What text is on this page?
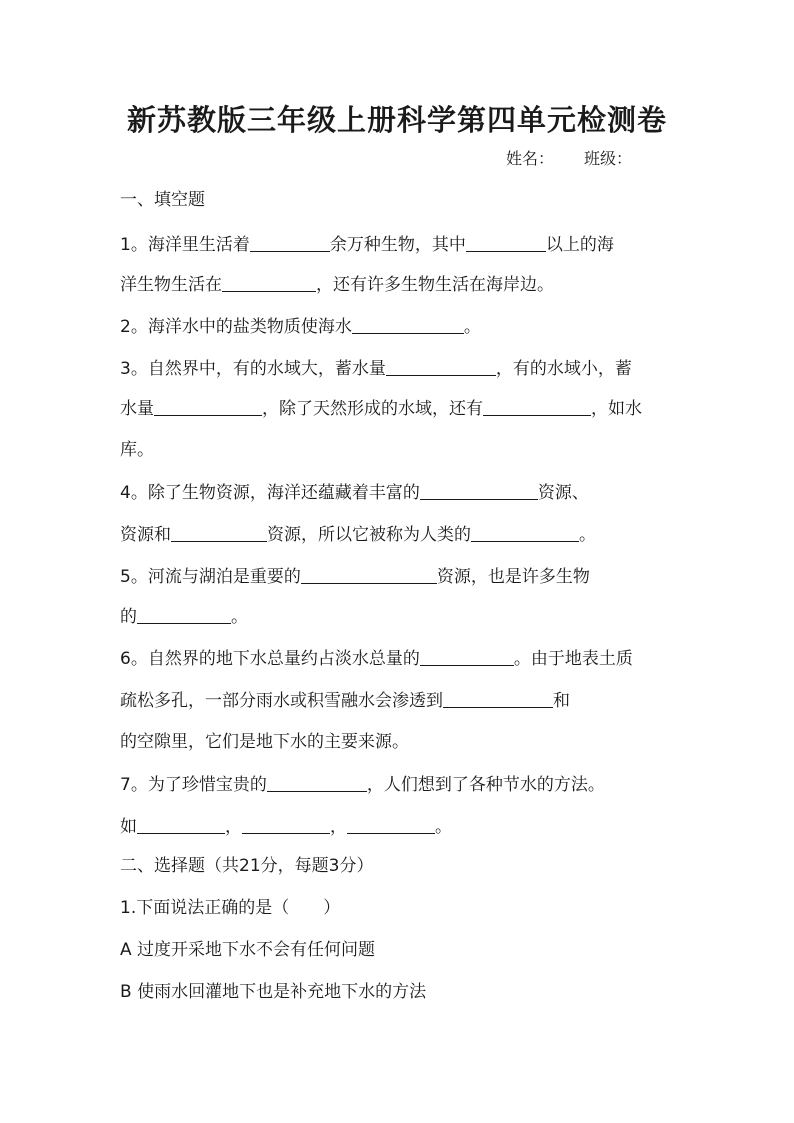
新苏教版三年级上册科学第四单元检测卷
姓名： 班级：
一、填空题
1。海洋里生活着	余万种生物，其中	以上的海
洋生物生活在	，还有许多生物生活在海岸边。
2。海洋水中的盐类物质使海水	。
3。自然界中，有的水域大，蓄水量	，有的水域小，蓄
水量	，除了天然形成的水域，还有	，如水
库。
4。除了生物资源，海洋还蕴藏着丰富的	资源、
资源和	资源，所以它被称为人类的	。
5。河流与湖泊是重要的	资源，也是许多生物
的	。
6。自然界的地下水总量约占淡水总量的	。由于地表土质
疏松多孔，一部分雨水或积雪融水会渗透到	和
的空隙里，它们是地下水的主要来源。
7。为了珍惜宝贵的	，人们想到了各种节水的方法。
如	，	，	。
二、选择题（共21分，每题3分）
1.下面说法正确的是（　　）
A 过度开采地下水不会有任何问题
B 使雨水回灌地下也是补充地下水的方法
